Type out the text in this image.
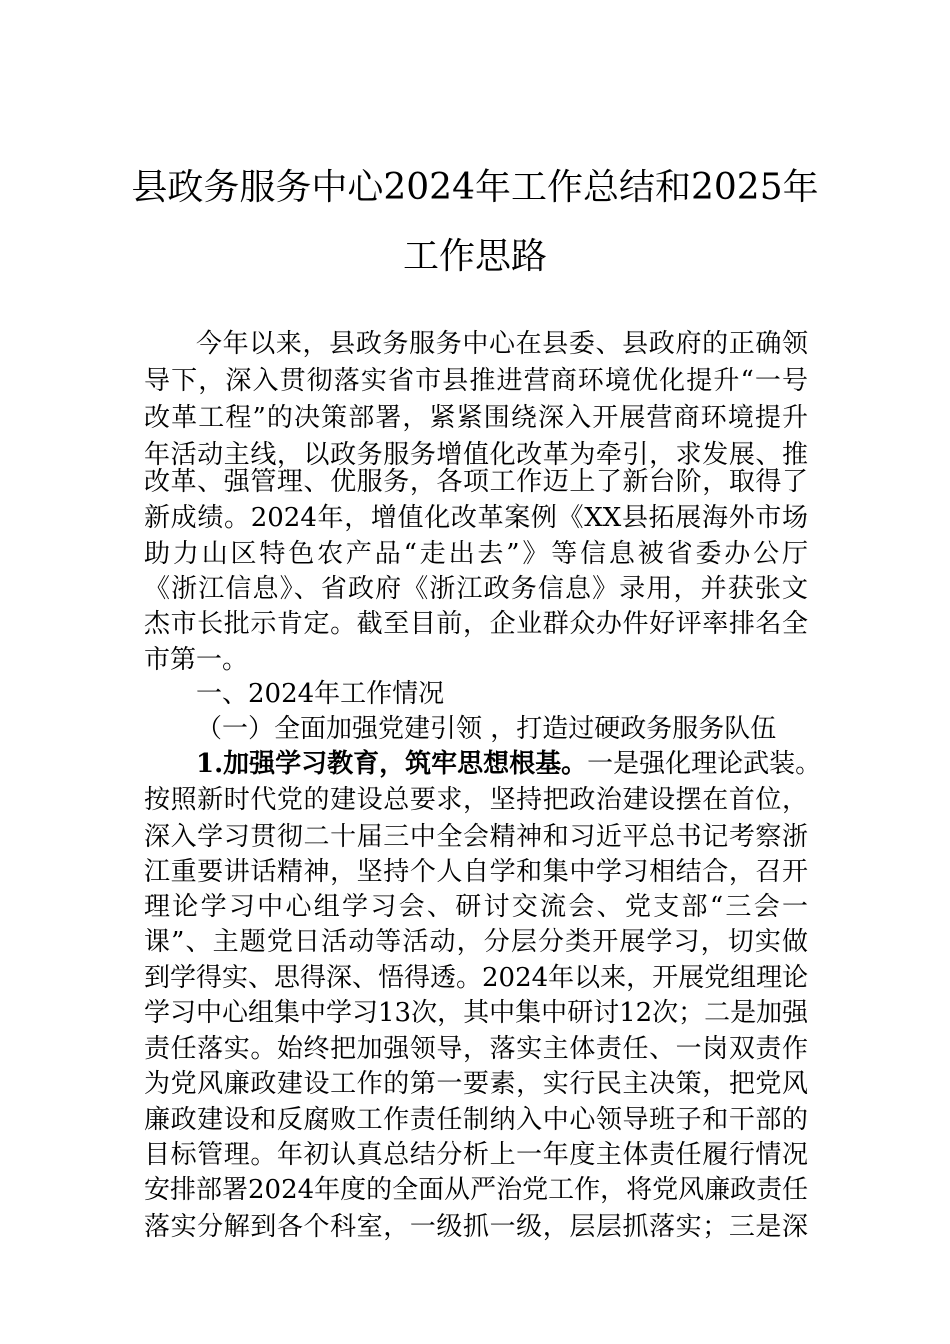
县政务服务中心2024年工作总结和2025年
工作思路
今年以来，县政务服务中心在县委、县政府的正确领
导下，深入贯彻落实省市县推进营商环境优化提升“一号
改革工程”的决策部署，紧紧围绕深入开展营商环境提升
年活动主线，以政务服务增值化改革为牵引，求发展、推
改革、强管理、优服务，各项工作迈上了新台阶，取得了
新成绩。2024年，增值化改革案例《XX县拓展海外市场
助力山区特色农产品“走出去”》等信息被省委办公厅
《浙江信息》、省政府《浙江政务信息》录用，并获张文
杰市长批示肯定。截至目前，企业群众办件好评率排名全
市第一。
一、2024年工作情况
（一）全面加强党建引领 ，打造过硬政务服务队伍
1.加强学习教育，筑牢思想根基。一是强化理论武装。
按照新时代党的建设总要求，坚持把政治建设摆在首位，
深入学习贯彻二十届三中全会精神和习近平总书记考察浙
江重要讲话精神，坚持个人自学和集中学习相结合，召开
理论学习中心组学习会、研讨交流会、党支部“三会一
课”、主题党日活动等活动，分层分类开展学习，切实做
到学得实、思得深、悟得透。2024年以来，开展党组理论
学习中心组集中学习13次，其中集中研讨12次；二是加强
责任落实。始终把加强领导，落实主体责任、一岗双责作
为党风廉政建设工作的第一要素，实行民主决策，把党风
廉政建设和反腐败工作责任制纳入中心领导班子和干部的
目标管理。年初认真总结分析上一年度主体责任履行情况
安排部署2024年度的全面从严治党工作，将党风廉政责任
落实分解到各个科室，一级抓一级，层层抓落实；三是深
